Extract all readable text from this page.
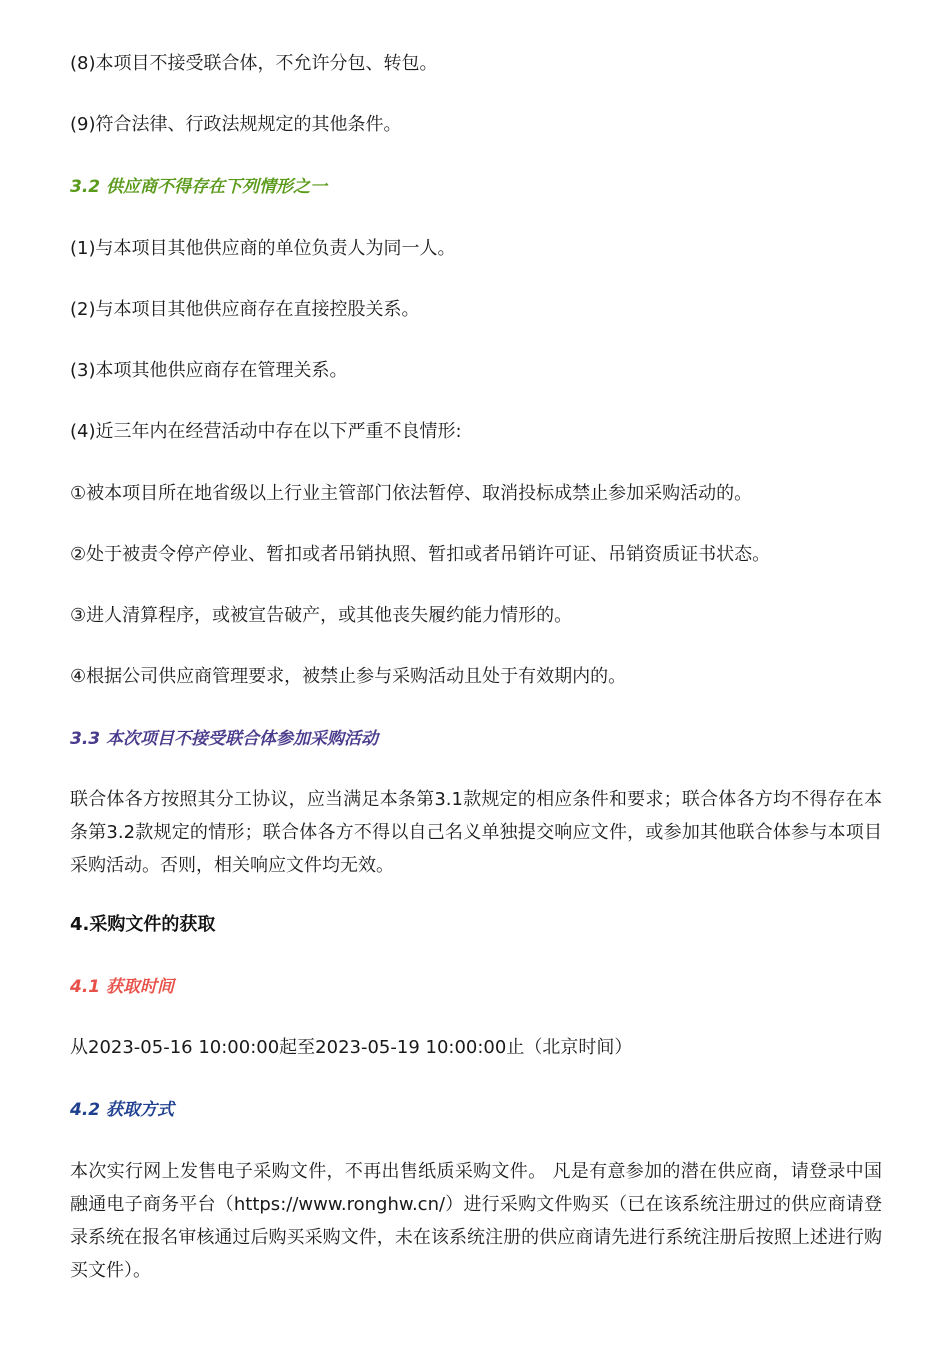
(8)本项目不接受联合体，不允许分包、转包。
(9)符合法律、行政法规规定的其他条件。
3.2 供应商不得存在下列情形之一
(1)与本项目其他供应商的单位负责人为同一人。
(2)与本项目其他供应商存在直接控股关系。
(3)本项其他供应商存在管理关系。
(4)近三年内在经营活动中存在以下严重不良情形:
①被本项目所在地省级以上行业主管部门依法暂停、取消投标成禁止参加采购活动的。
②处于被责令停产停业、暂扣或者吊销执照、暂扣或者吊销许可证、吊销资质证书状态。
③进人清算程序，或被宣告破产，或其他丧失履约能力情形的。
④根据公司供应商管理要求，被禁止参与采购活动且处于有效期内的。
3.3 本次项目不接受联合体参加采购活动
联合体各方按照其分工协议，应当满足本条第3.1款规定的相应条件和要求；联合体各方均不得存在本条第3.2款规定的情形；联合体各方不得以自己名义单独提交响应文件，或参加其他联合体参与本项目采购活动。否则，相关响应文件均无效。
4.采购文件的获取
4.1 获取时间
从2023-05-16 10:00:00起至2023-05-19 10:00:00止（北京时间）
4.2 获取方式
本次实行网上发售电子采购文件，不再出售纸质采购文件。 凡是有意参加的潜在供应商，请登录中国融通电子商务平台（https://www.ronghw.cn/）进行采购文件购买（已在该系统注册过的供应商请登录系统在报名审核通过后购买采购文件，未在该系统注册的供应商请先进行系统注册后按照上述进行购买文件）。
